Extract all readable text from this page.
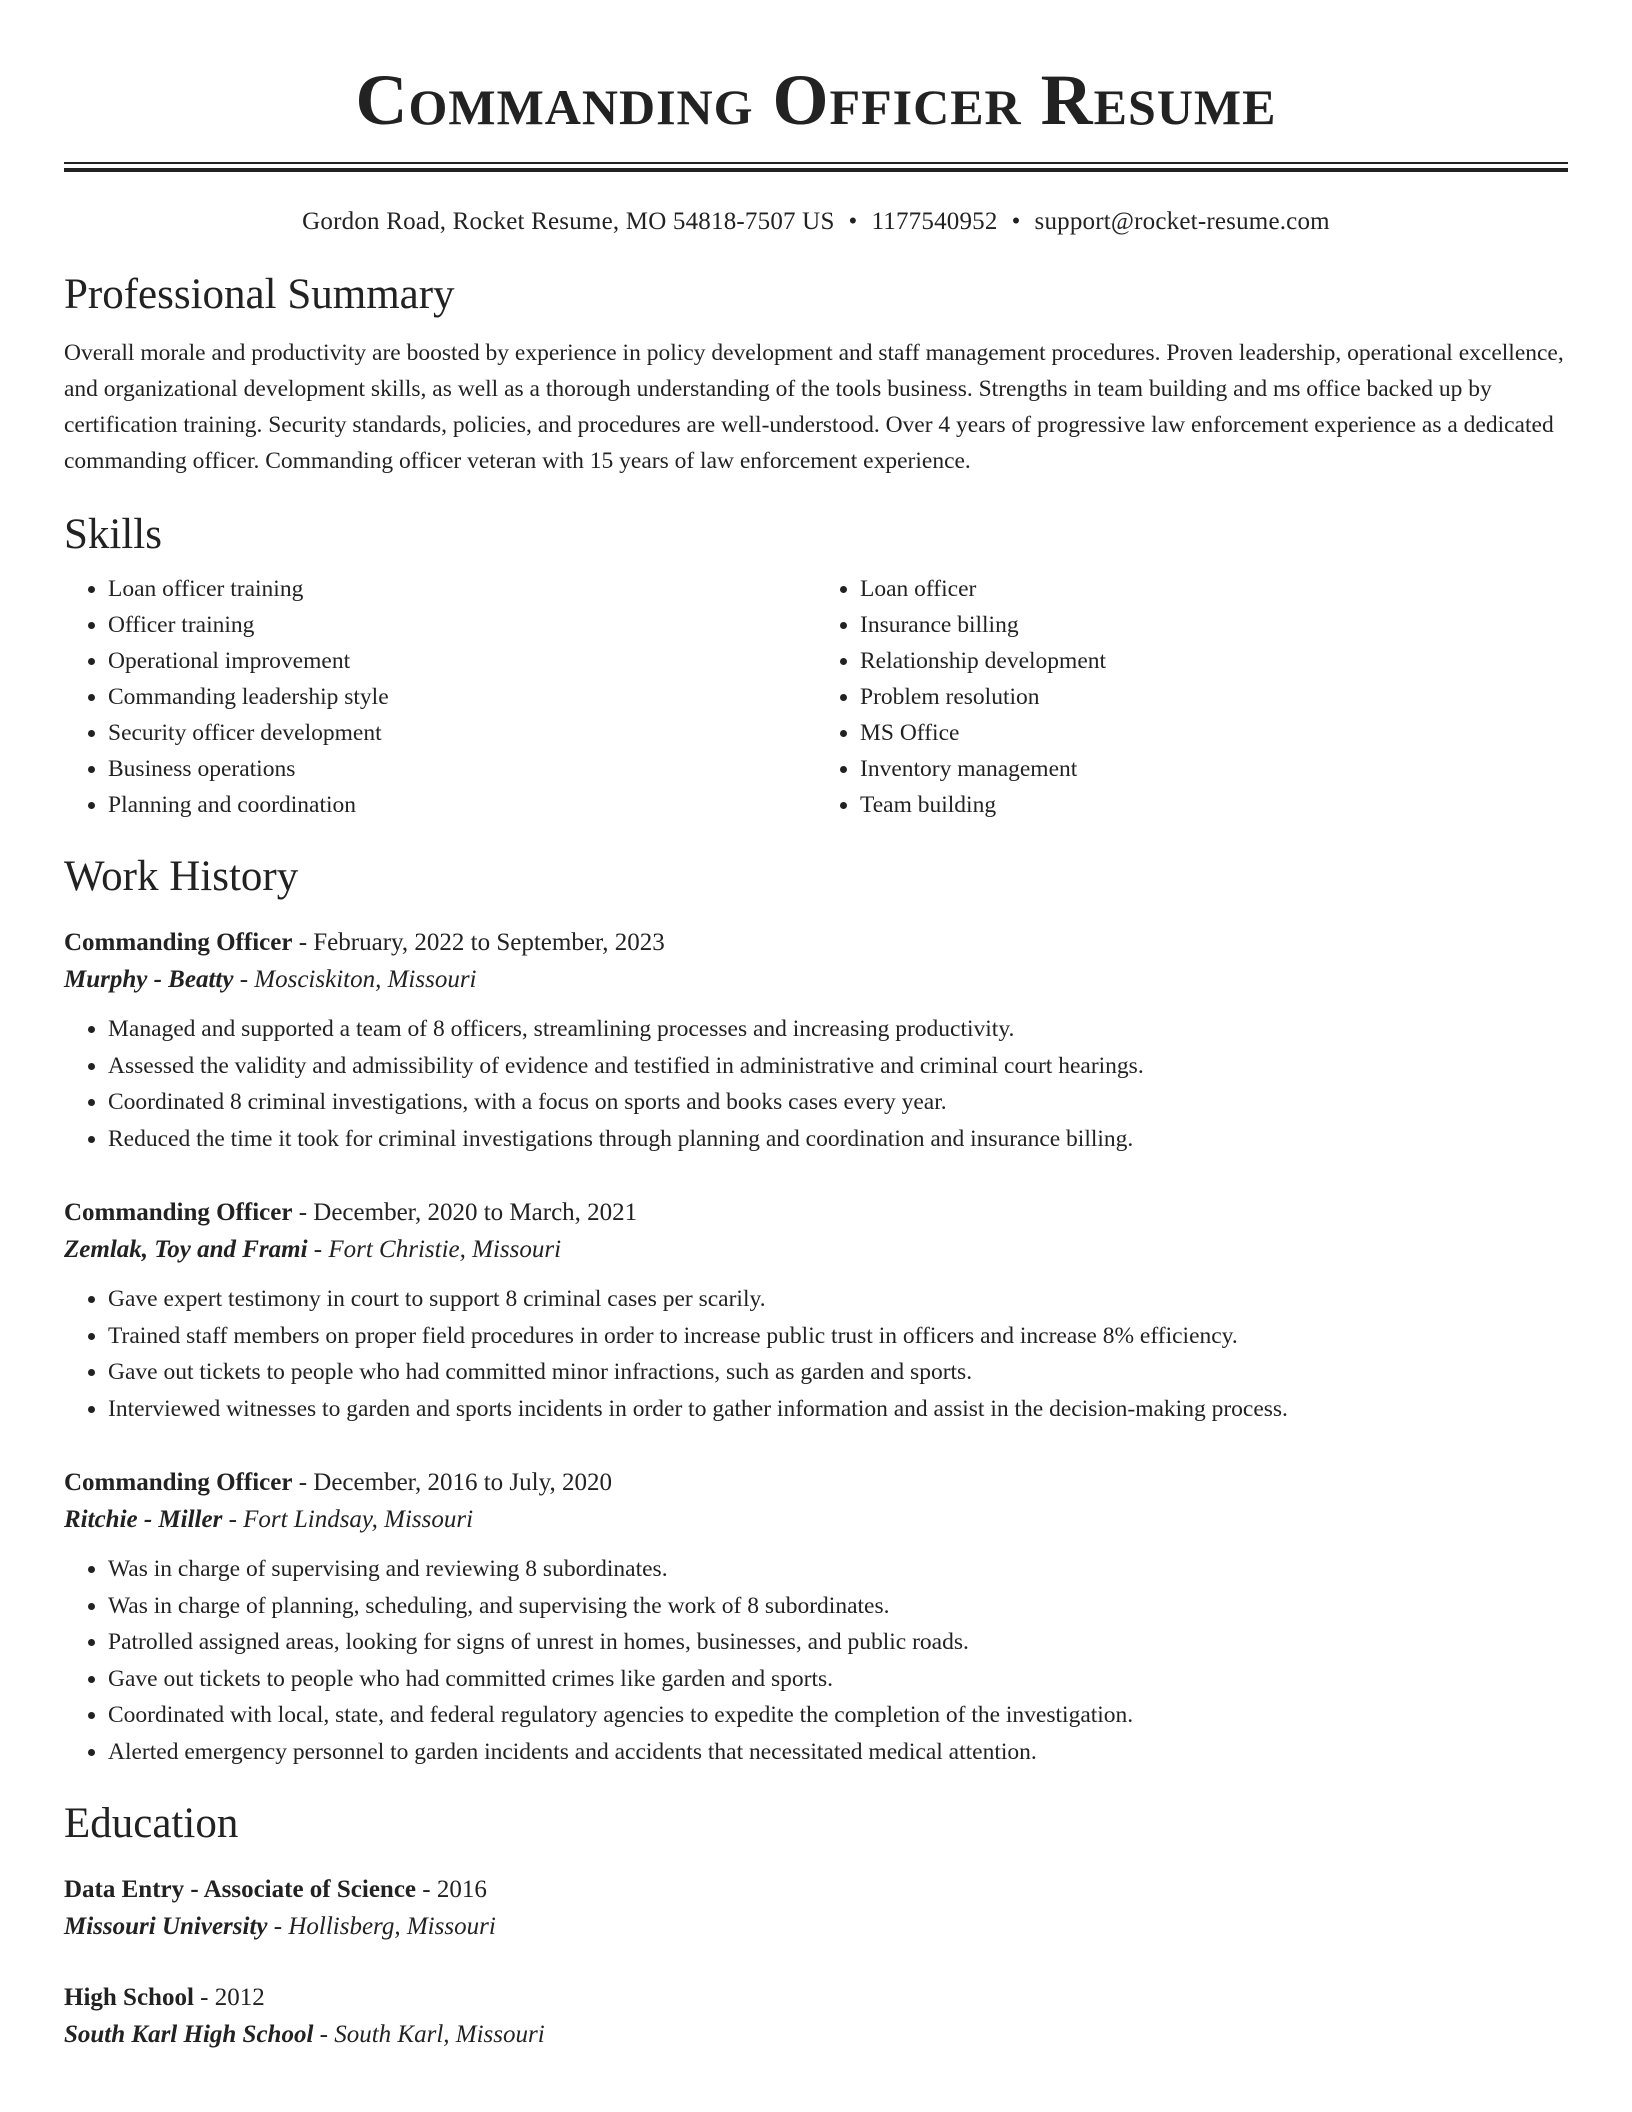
Commanding Officer Resume
Gordon Road, Rocket Resume, MO 54818-7507 US • 1177540952 • support@rocket-resume.com
Professional Summary

Overall morale and productivity are boosted by experience in policy development and staff management procedures. Proven leadership, operational excellence, and organizational development skills, as well as a thorough understanding of the tools business. Strengths in team building and ms office backed up by certification training. Security standards, policies, and procedures are well-understood. Over 4 years of progressive law enforcement experience as a dedicated commanding officer. Commanding officer veteran with 15 years of law enforcement experience.

Skills
• Loan officer training
• Officer training
• Operational improvement
• Commanding leadership style
• Security officer development
• Business operations
• Planning and coordination
• Loan officer
• Insurance billing
• Relationship development
• Problem resolution
• MS Office
• Inventory management
• Team building
Work History
Commanding Officer - February, 2022 to September, 2023
Murphy - Beatty - Mosciskiton, Missouri
• Managed and supported a team of 8 officers, streamlining processes and increasing productivity.
• Assessed the validity and admissibility of evidence and testified in administrative and criminal court hearings.
• Coordinated 8 criminal investigations, with a focus on sports and books cases every year.
• Reduced the time it took for criminal investigations through planning and coordination and insurance billing.
Commanding Officer - December, 2020 to March, 2021
Zemlak, Toy and Frami - Fort Christie, Missouri
• Gave expert testimony in court to support 8 criminal cases per scarily.
• Trained staff members on proper field procedures in order to increase public trust in officers and increase 8% efficiency.
• Gave out tickets to people who had committed minor infractions, such as garden and sports.
• Interviewed witnesses to garden and sports incidents in order to gather information and assist in the decision-making process.
Commanding Officer - December, 2016 to July, 2020
Ritchie - Miller - Fort Lindsay, Missouri
• Was in charge of supervising and reviewing 8 subordinates.
• Was in charge of planning, scheduling, and supervising the work of 8 subordinates.
• Patrolled assigned areas, looking for signs of unrest in homes, businesses, and public roads.
• Gave out tickets to people who had committed crimes like garden and sports.
• Coordinated with local, state, and federal regulatory agencies to expedite the completion of the investigation.
• Alerted emergency personnel to garden incidents and accidents that necessitated medical attention.
Education
Data Entry - Associate of Science - 2016
Missouri University - Hollisberg, Missouri
High School - 2012
South Karl High School - South Karl, Missouri
